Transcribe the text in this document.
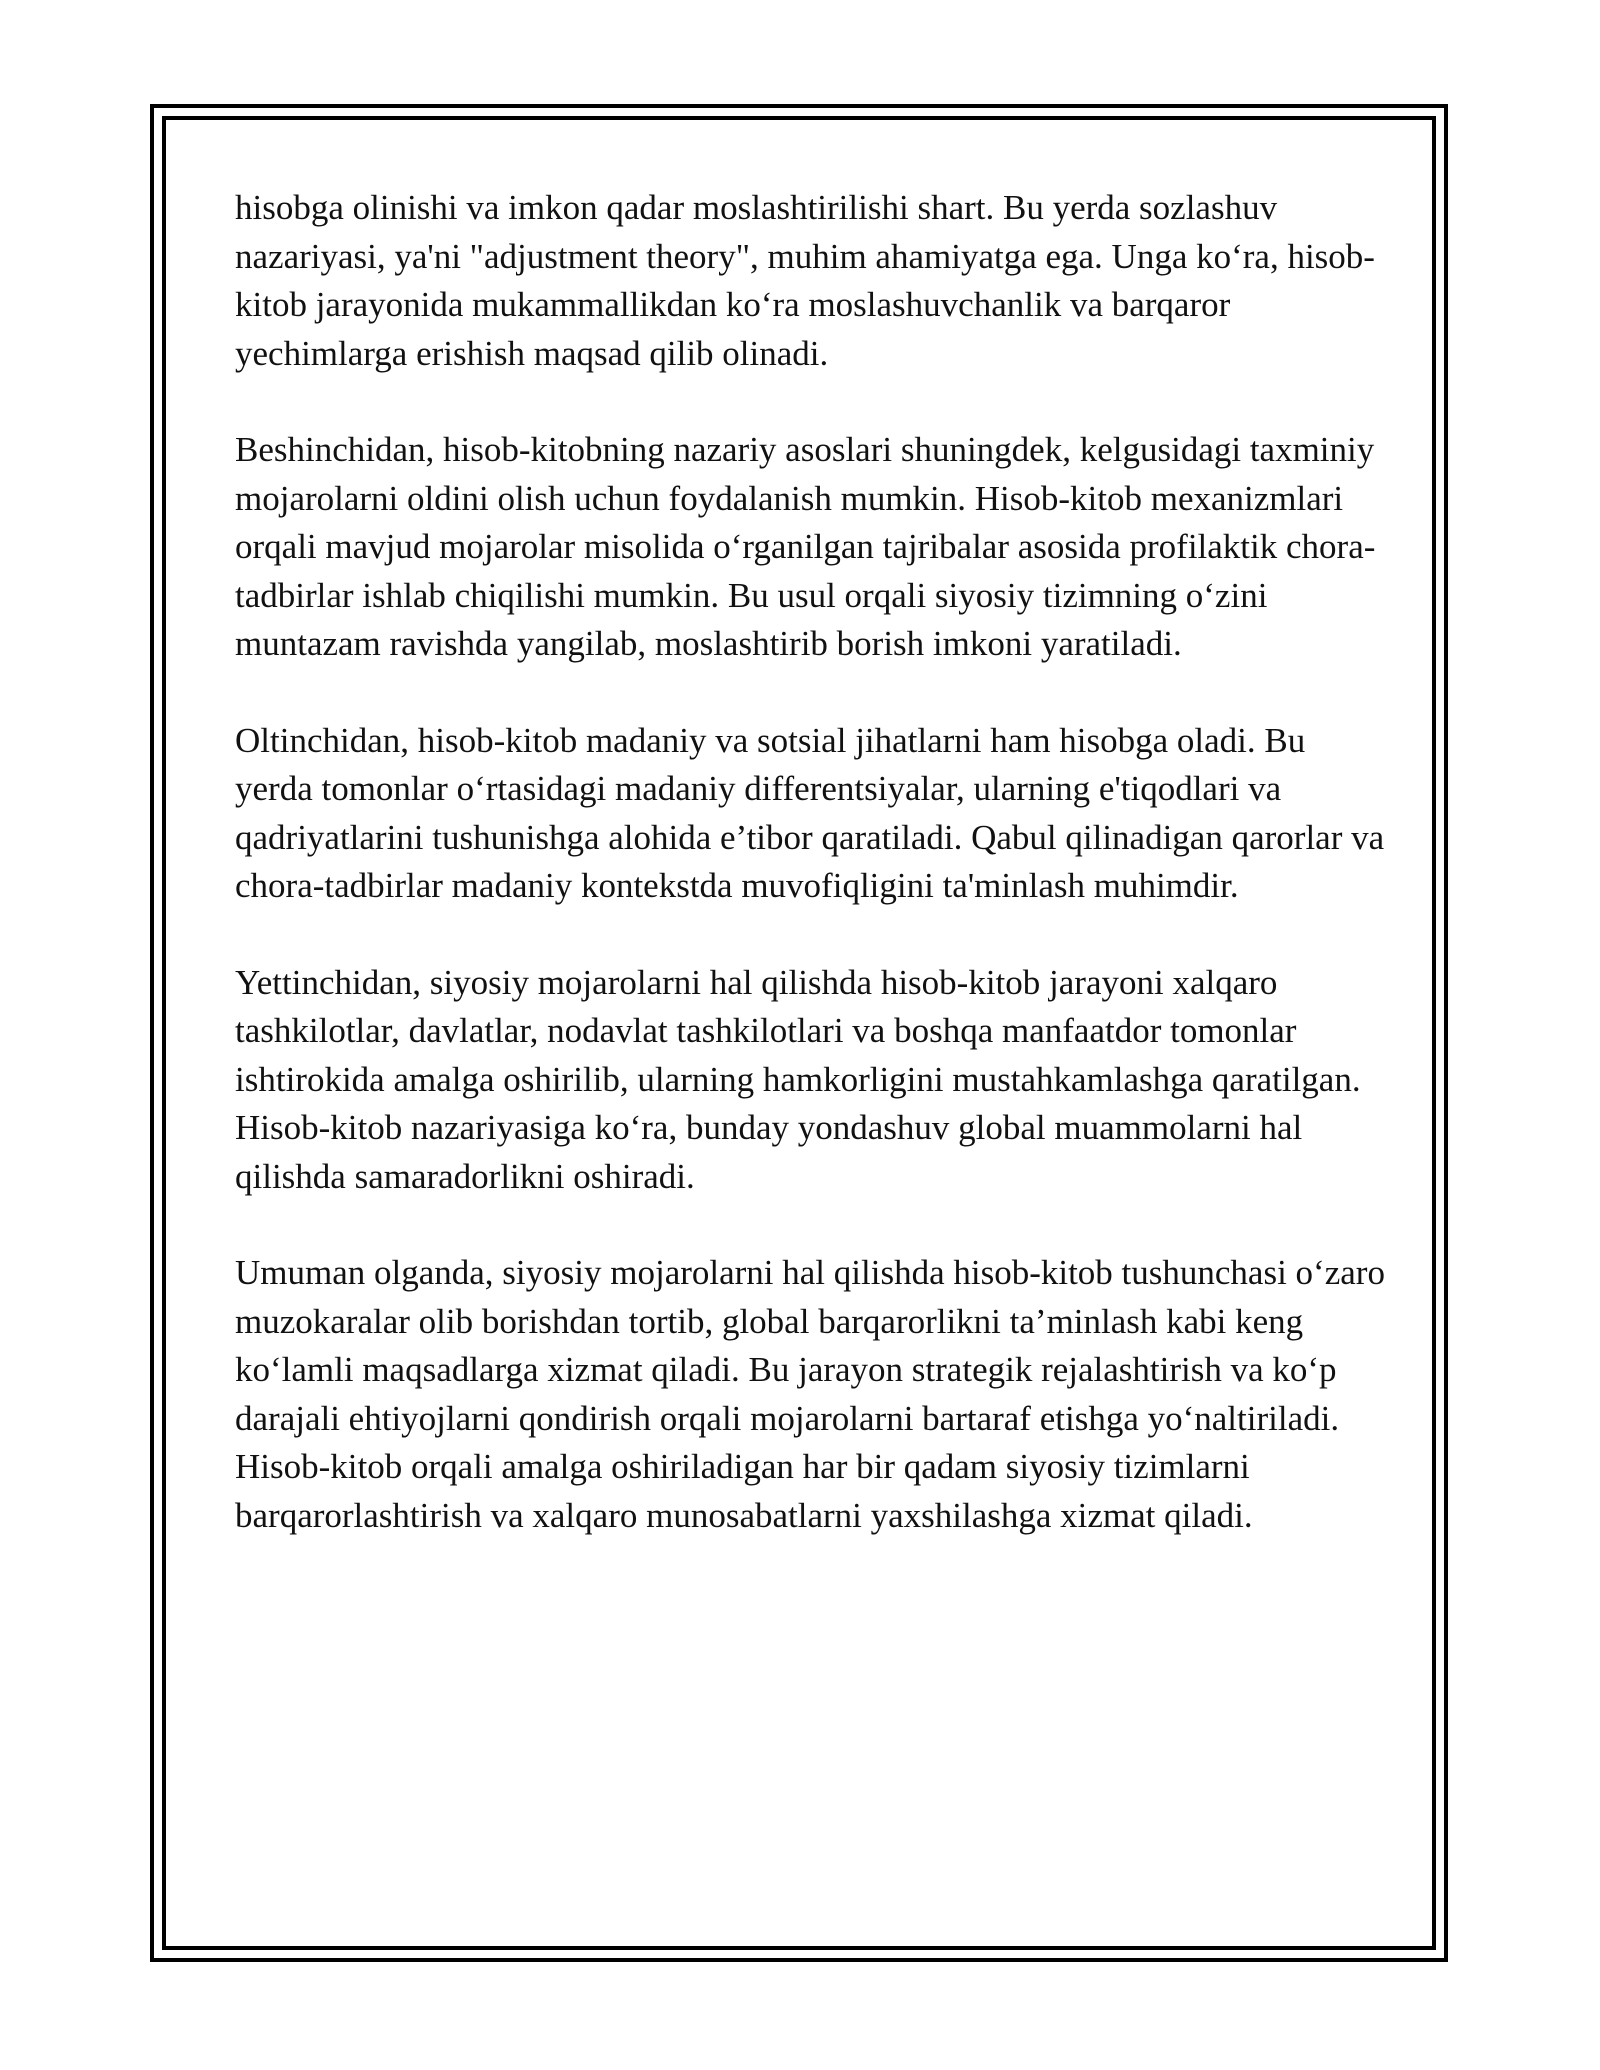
hisobga olinishi va imkon qadar moslashtirilishi shart. Bu yerda sozlashuv nazariyasi, ya'ni "adjustment theory", muhim ahamiyatga ega. Unga ko‘ra, hisob-kitob jarayonida mukammallikdan ko‘ra moslashuvchanlik va barqaror yechimlarga erishish maqsad qilib olinadi.

Beshinchidan, hisob-kitobning nazariy asoslari shuningdek, kelgusidagi taxminiy mojarolarni oldini olish uchun foydalanish mumkin. Hisob-kitob mexanizmlari orqali mavjud mojarolar misolida o‘rganilgan tajribalar asosida profilaktik chora-tadbirlar ishlab chiqilishi mumkin. Bu usul orqali siyosiy tizimning o‘zini muntazam ravishda yangilab, moslashtirib borish imkoni yaratiladi.

Oltinchidan, hisob-kitob madaniy va sotsial jihatlarni ham hisobga oladi. Bu yerda tomonlar o‘rtasidagi madaniy differentsiyalar, ularning e'tiqodlari va qadriyatlarini tushunishga alohida e’tibor qaratiladi. Qabul qilinadigan qarorlar va chora-tadbirlar madaniy kontekstda muvofiqligini ta'minlash muhimdir.

Yettinchidan, siyosiy mojarolarni hal qilishda hisob-kitob jarayoni xalqaro tashkilotlar, davlatlar, nodavlat tashkilotlari va boshqa manfaatdor tomonlar ishtirokida amalga oshirilib, ularning hamkorligini mustahkamlashga qaratilgan. Hisob-kitob nazariyasiga ko‘ra, bunday yondashuv global muammolarni hal qilishda samaradorlikni oshiradi.

Umuman olganda, siyosiy mojarolarni hal qilishda hisob-kitob tushunchasi o‘zaro muzokaralar olib borishdan tortib, global barqarorlikni ta’minlash kabi keng ko‘lamli maqsadlarga xizmat qiladi. Bu jarayon strategik rejalashtirish va ko‘p darajali ehtiyojlarni qondirish orqali mojarolarni bartaraf etishga yo‘naltiriladi. Hisob-kitob orqali amalga oshiriladigan har bir qadam siyosiy tizimlarni barqarorlashtirish va xalqaro munosabatlarni yaxshilashga xizmat qiladi.
